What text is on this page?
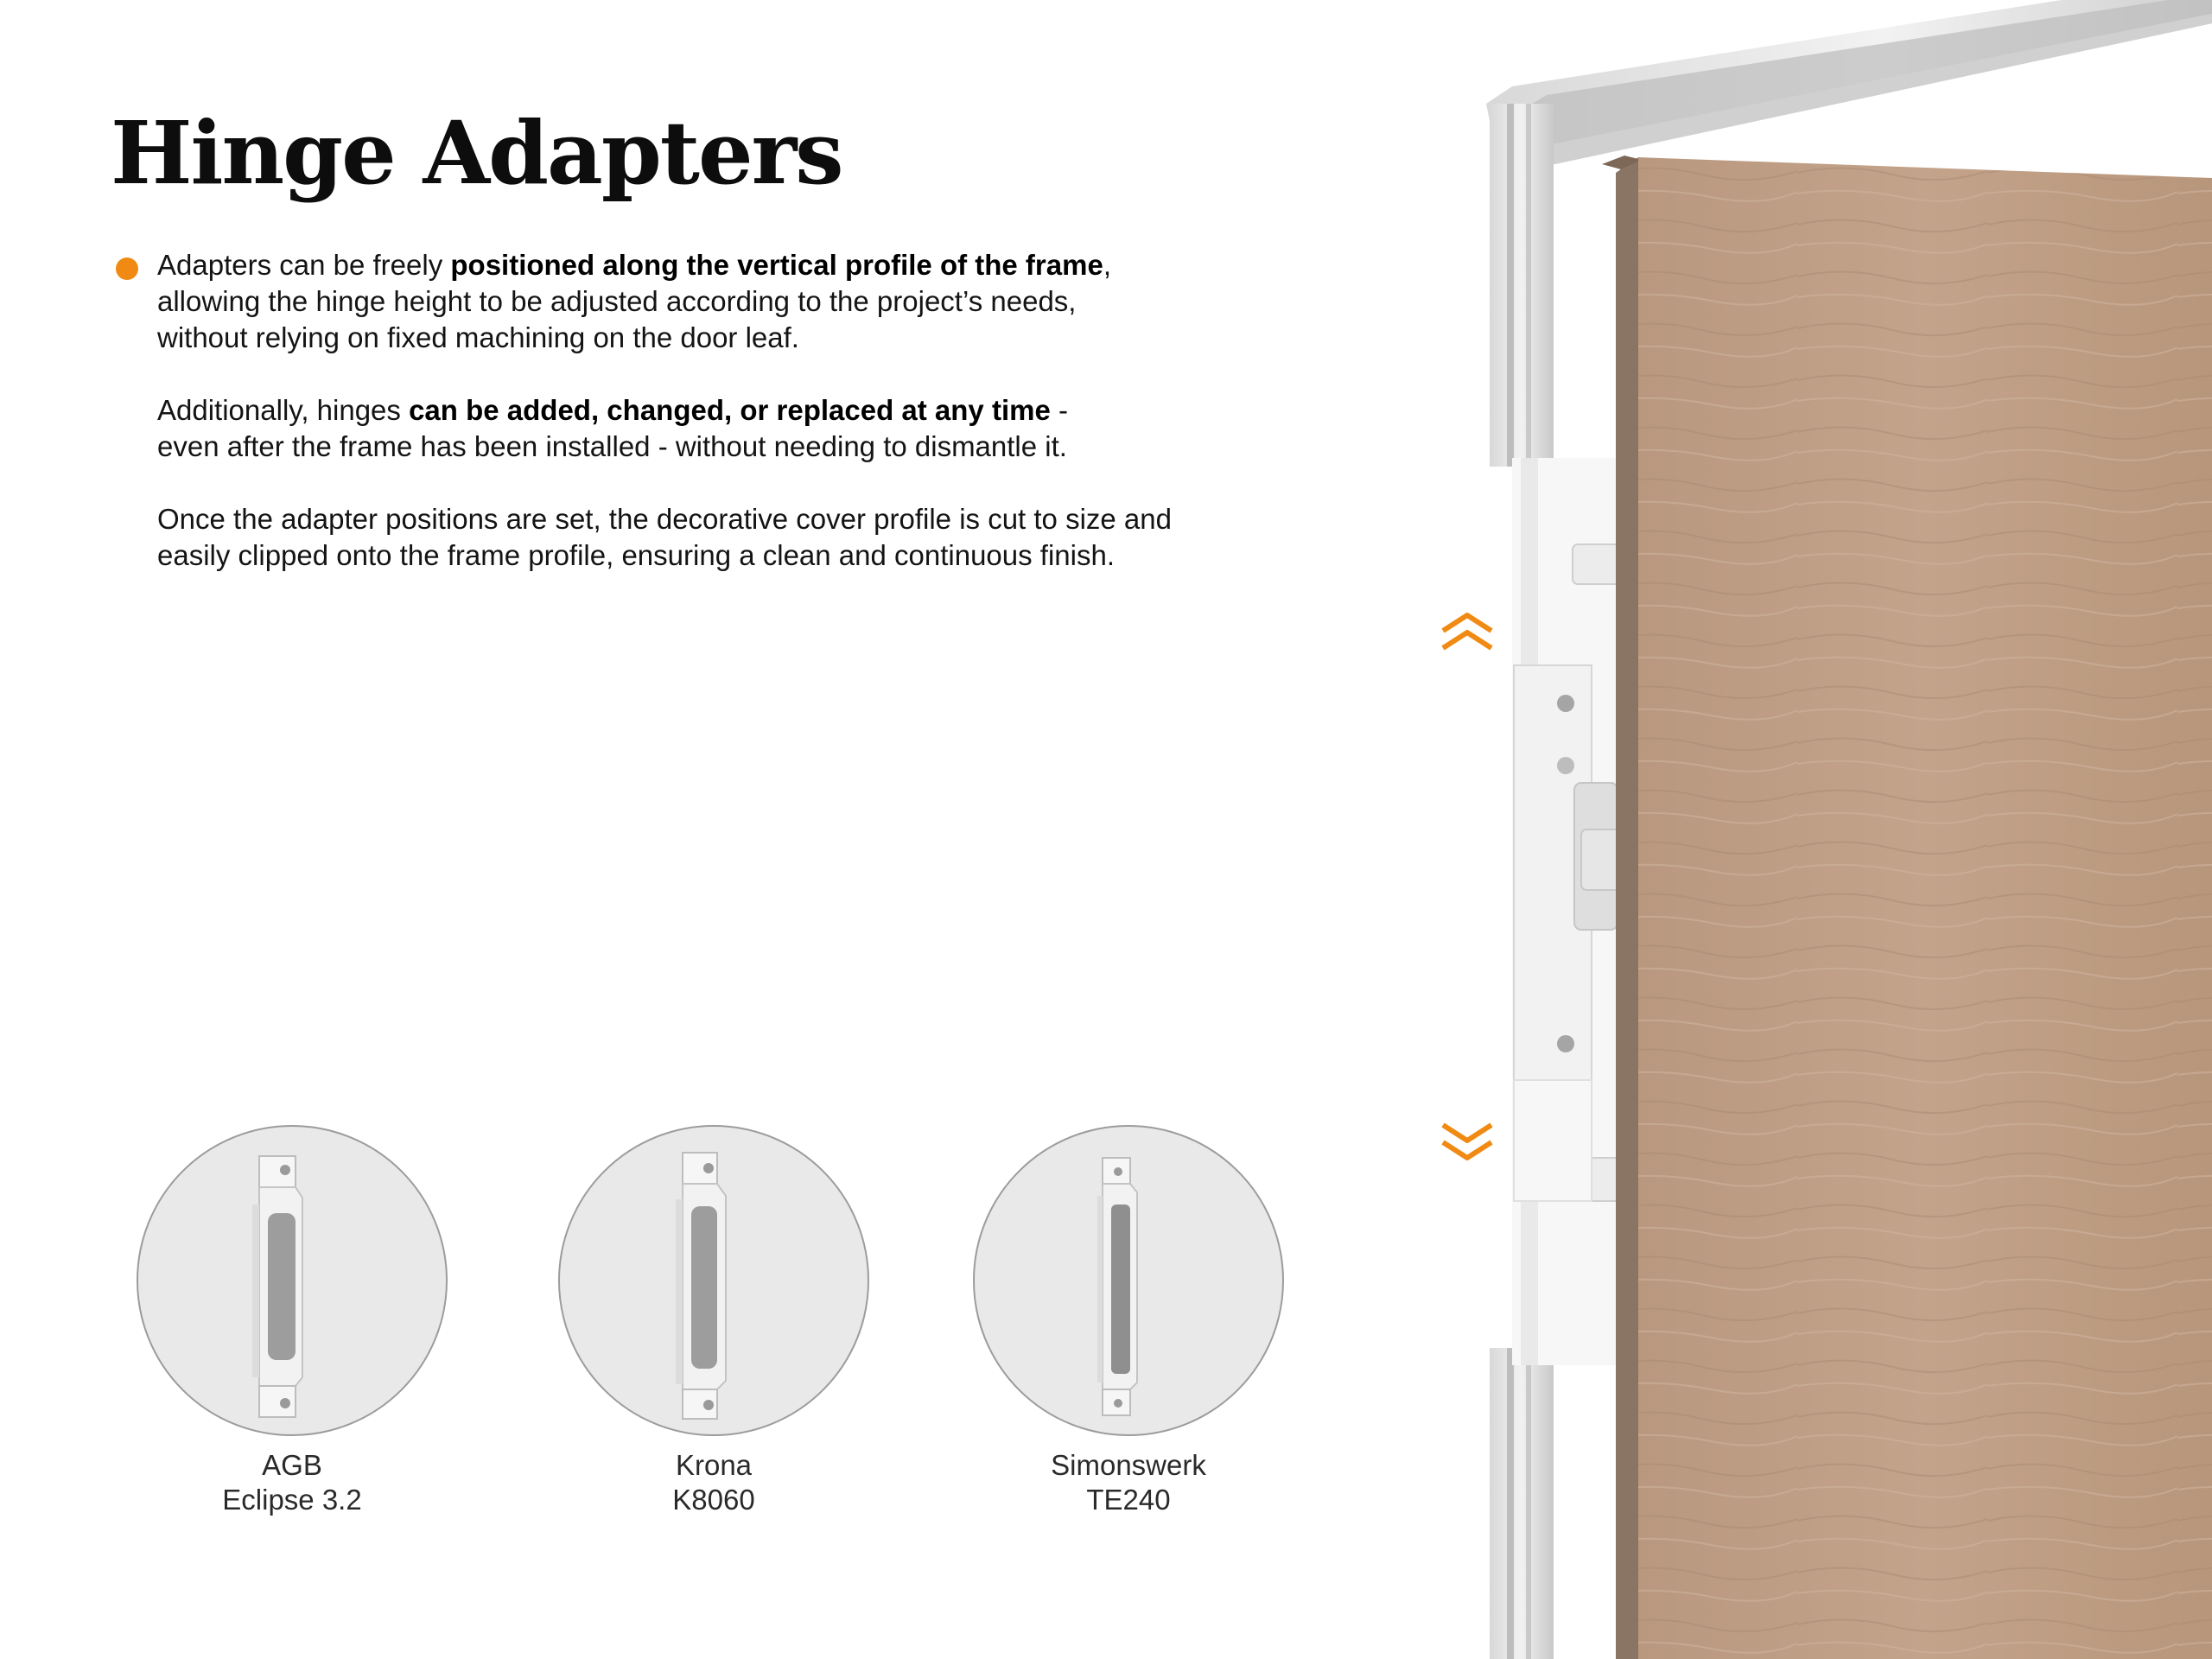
Hinge Adapters

Adapters can be freely positioned along the vertical profile of the frame,
allowing the hinge height to be adjusted according to the project’s needs,
without relying on fixed machining on the door leaf.

Additionally, hinges can be added, changed, or replaced at any time -
even after the frame has been installed - without needing to dismantle it.

Once the adapter positions are set, the decorative cover profile is cut to size and
easily clipped onto the frame profile, ensuring a clean and continuous finish.

AGB
Eclipse 3.2
Krona
K8060
Simonswerk
TE240
